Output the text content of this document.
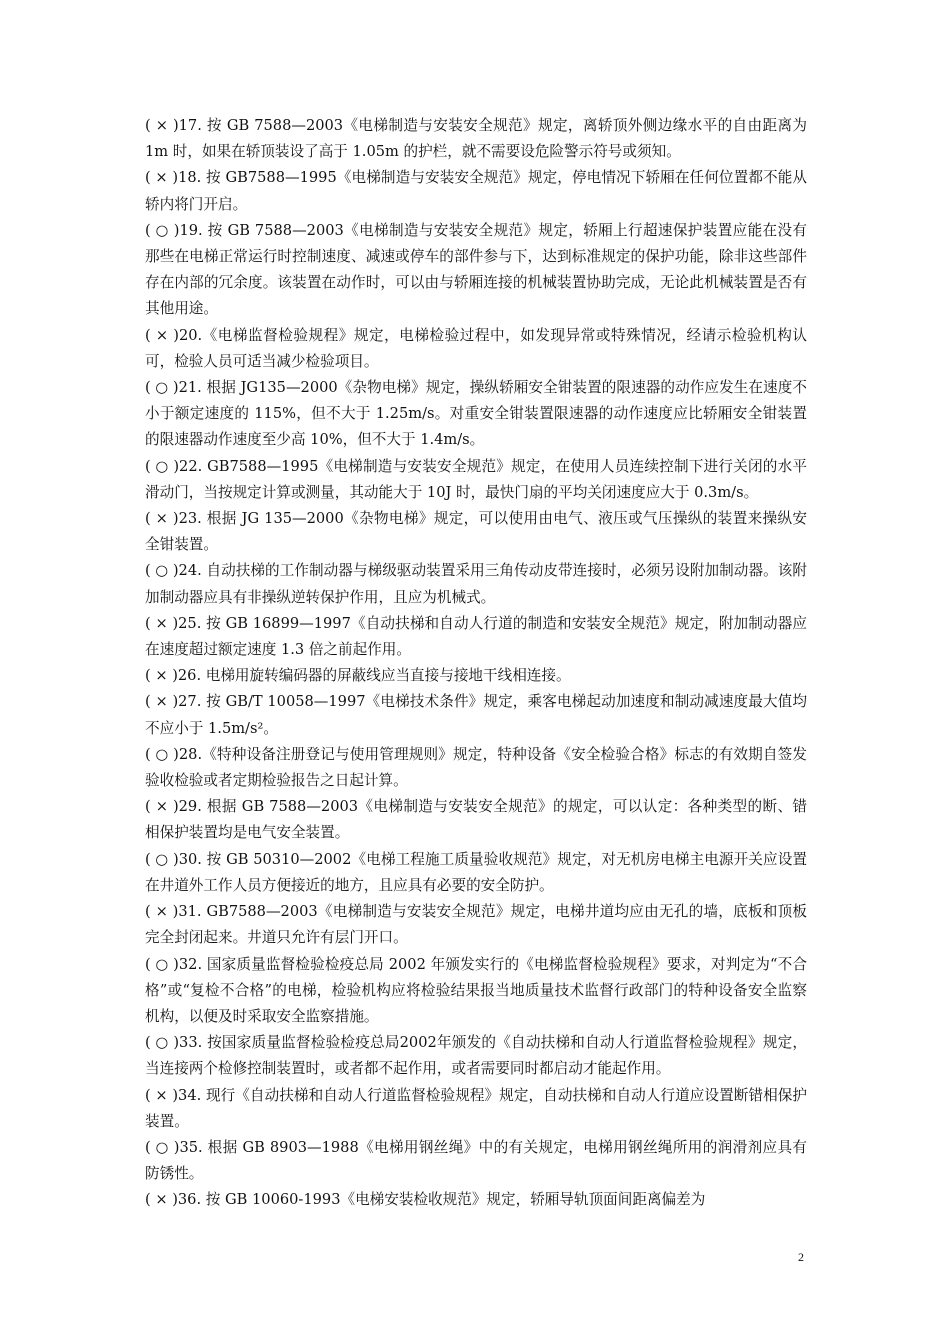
( × )17. 按 GB 7588—2003《电梯制造与安装安全规范》规定，离轿顶外侧边缘水平的自由距离为 1m 时，如果在轿顶装设了高于 1.05m 的护栏，就不需要设危险警示符号或须知。

( × )18. 按 GB7588—1995《电梯制造与安装安全规范》规定，停电情况下轿厢在任何位置都不能从轿内将门开启。

( ○ )19. 按 GB 7588—2003《电梯制造与安装安全规范》规定，轿厢上行超速保护装置应能在没有那些在电梯正常运行时控制速度、减速或停车的部件参与下，达到标准规定的保护功能，除非这些部件存在内部的冗余度。该装置在动作时，可以由与轿厢连接的机械装置协助完成，无论此机械装置是否有其他用途。

( × )20.《电梯监督检验规程》规定，电梯检验过程中，如发现异常或特殊情况，经请示检验机构认可，检验人员可适当减少检验项目。

( ○ )21. 根据 JG135—2000《杂物电梯》规定，操纵轿厢安全钳装置的限速器的动作应发生在速度不小于额定速度的 115%，但不大于 1.25m/s。对重安全钳装置限速器的动作速度应比轿厢安全钳装置的限速器动作速度至少高 10%，但不大于 1.4m/s。

( ○ )22. GB7588—1995《电梯制造与安装安全规范》规定，在使用人员连续控制下进行关闭的水平滑动门，当按规定计算或测量，其动能大于 10J 时，最快门扇的平均关闭速度应大于 0.3m/s。

( × )23. 根据 JG 135—2000《杂物电梯》规定，可以使用由电气、液压或气压操纵的装置来操纵安全钳装置。

( ○ )24. 自动扶梯的工作制动器与梯级驱动装置采用三角传动皮带连接时，必须另设附加制动器。该附加制动器应具有非操纵逆转保护作用，且应为机械式。

( × )25. 按 GB 16899—1997《自动扶梯和自动人行道的制造和安装安全规范》规定，附加制动器应在速度超过额定速度 1.3 倍之前起作用。

( × )26. 电梯用旋转编码器的屏蔽线应当直接与接地干线相连接。

( × )27. 按 GB/T 10058—1997《电梯技术条件》规定，乘客电梯起动加速度和制动减速度最大值均不应小于 1.5m/s²。

( ○ )28.《特种设备注册登记与使用管理规则》规定，特种设备《安全检验合格》标志的有效期自签发验收检验或者定期检验报告之日起计算。

( × )29. 根据 GB 7588—2003《电梯制造与安装安全规范》的规定，可以认定：各种类型的断、错相保护装置均是电气安全装置。

( ○ )30. 按 GB 50310—2002《电梯工程施工质量验收规范》规定，对无机房电梯主电源开关应设置在井道外工作人员方便接近的地方，且应具有必要的安全防护。

( × )31. GB7588—2003《电梯制造与安装安全规范》规定，电梯井道均应由无孔的墙，底板和顶板完全封闭起来。井道只允许有层门开口。

( ○ )32. 国家质量监督检验检疫总局 2002 年颁发实行的《电梯监督检验规程》要求，对判定为“不合格”或“复检不合格”的电梯，检验机构应将检验结果报当地质量技术监督行政部门的特种设备安全监察机构，以便及时采取安全监察措施。

( ○ )33. 按国家质量监督检验检疫总局2002年颁发的《自动扶梯和自动人行道监督检验规程》规定，当连接两个检修控制装置时，或者都不起作用，或者需要同时都启动才能起作用。

( × )34. 现行《自动扶梯和自动人行道监督检验规程》规定，自动扶梯和自动人行道应设置断错相保护装置。

( ○ )35. 根据 GB 8903—1988《电梯用钢丝绳》中的有关规定，电梯用钢丝绳所用的润滑剂应具有防锈性。

( × )36. 按 GB 10060-1993《电梯安装检收规范》规定，轿厢导轨顶面间距离偏差为

2
